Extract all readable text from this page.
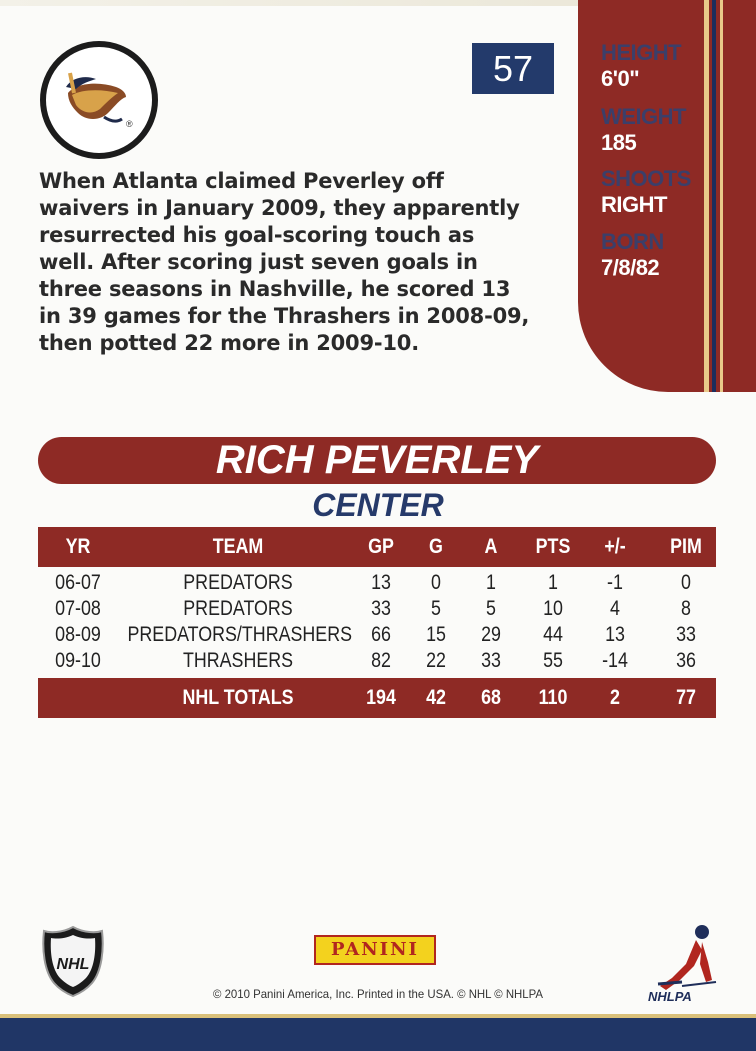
HEIGHT
6'0"
WEIGHT
185
SHOOTS
RIGHT
BORN
7/8/82
57
®
When Atlanta claimed Peverley off
waivers in January 2009, they apparently
resurrected his goal-scoring touch as
well. After scoring just seven goals in
three seasons in Nashville, he scored 13
in 39 games for the Thrashers in 2008-09,
then potted 22 more in 2009-10.
RICH PEVERLEY
CENTER
YR	TEAM	GP	G	A	PTS	+/-	PIM
06-07	PREDATORS	13	0	1	1	-1	0
07-08	PREDATORS	33	5	5	10	4	8
08-09 PREDATORS/THRASHERS 66	15	29	44	13	33
09-10	THRASHERS	82	22	33	55	-14	36
NHL TOTALS	194	42	68	110	2	77
NHL
PANINI
© 2010 Panini America, Inc. Printed in the USA. © NHL © NHLPA	NHLPA
